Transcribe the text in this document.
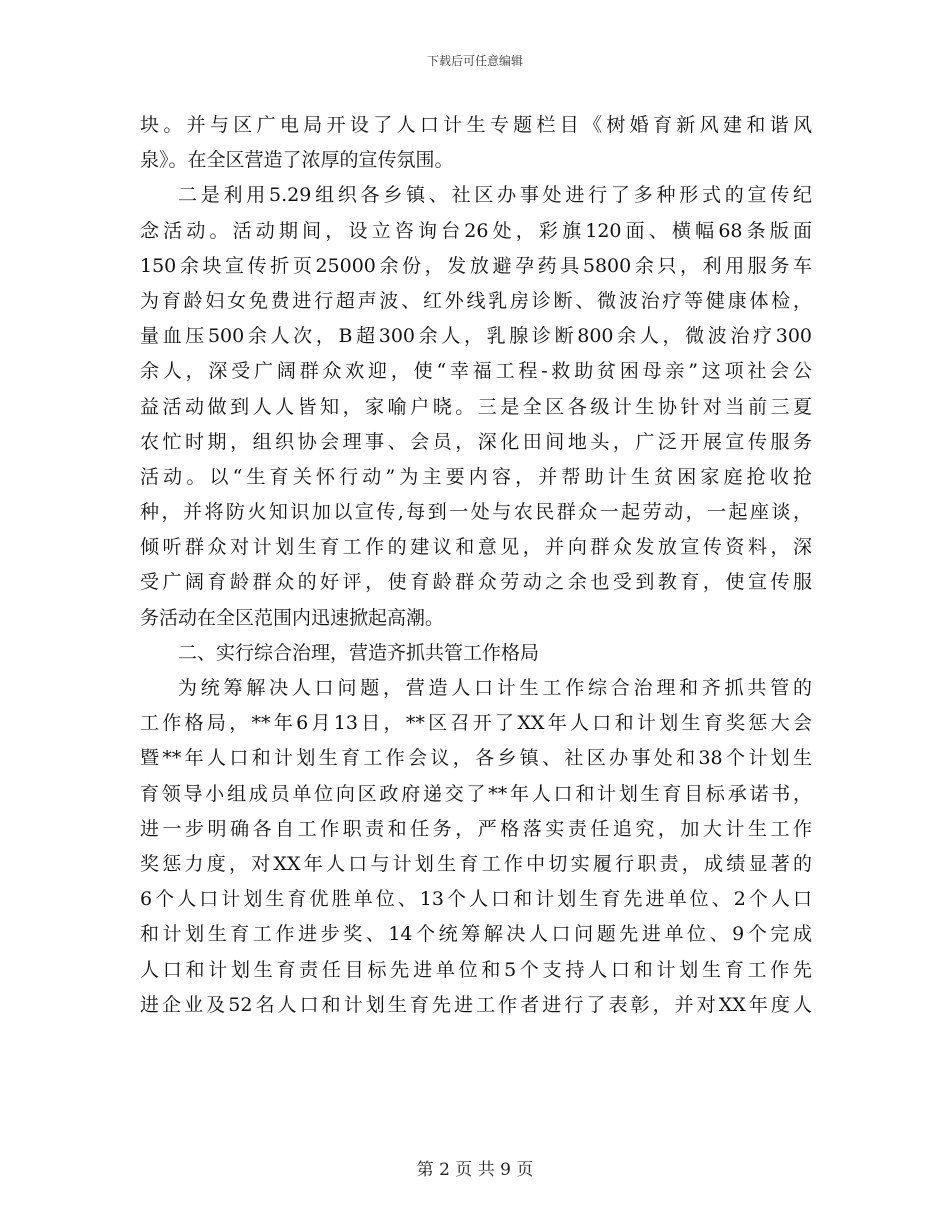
下载后可任意编辑
块。并与区广电局开设了人口计生专题栏目《树婚育新风建和谐风
泉》。在全区营造了浓厚的宣传氛围。
二是利用5.29组织各乡镇、社区办事处进行了多种形式的宣传纪
念活动。活动期间，设立咨询台26处，彩旗120面、横幅68条版面
150余块宣传折页25000余份，发放避孕药具5800余只，利用服务车
为育龄妇女免费进行超声波、红外线乳房诊断、微波治疗等健康体检，
量血压500余人次，B超300余人，乳腺诊断800余人，微波治疗300
余人，深受广阔群众欢迎，使“幸福工程-救助贫困母亲”这项社会公
益活动做到人人皆知，家喻户晓。三是全区各级计生协针对当前三夏
农忙时期，组织协会理事、会员，深化田间地头，广泛开展宣传服务
活动。以“生育关怀行动”为主要内容，并帮助计生贫困家庭抢收抢
种，并将防火知识加以宣传,每到一处与农民群众一起劳动，一起座谈，
倾听群众对计划生育工作的建议和意见，并向群众发放宣传资料，深
受广阔育龄群众的好评，使育龄群众劳动之余也受到教育，使宣传服
务活动在全区范围内迅速掀起高潮。
二、实行综合治理，营造齐抓共管工作格局
为统筹解决人口问题，营造人口计生工作综合治理和齐抓共管的
工作格局，**年6月13日，**区召开了XX年人口和计划生育奖惩大会
暨**年人口和计划生育工作会议，各乡镇、社区办事处和38个计划生
育领导小组成员单位向区政府递交了**年人口和计划生育目标承诺书，
进一步明确各自工作职责和任务，严格落实责任追究，加大计生工作
奖惩力度，对XX年人口与计划生育工作中切实履行职责，成绩显著的
6个人口计划生育优胜单位、13个人口和计划生育先进单位、2个人口
和计划生育工作进步奖、14个统筹解决人口问题先进单位、9个完成
人口和计划生育责任目标先进单位和5个支持人口和计划生育工作先
进企业及52名人口和计划生育先进工作者进行了表彰，并对XX年度人
第 2 页 共 9 页
